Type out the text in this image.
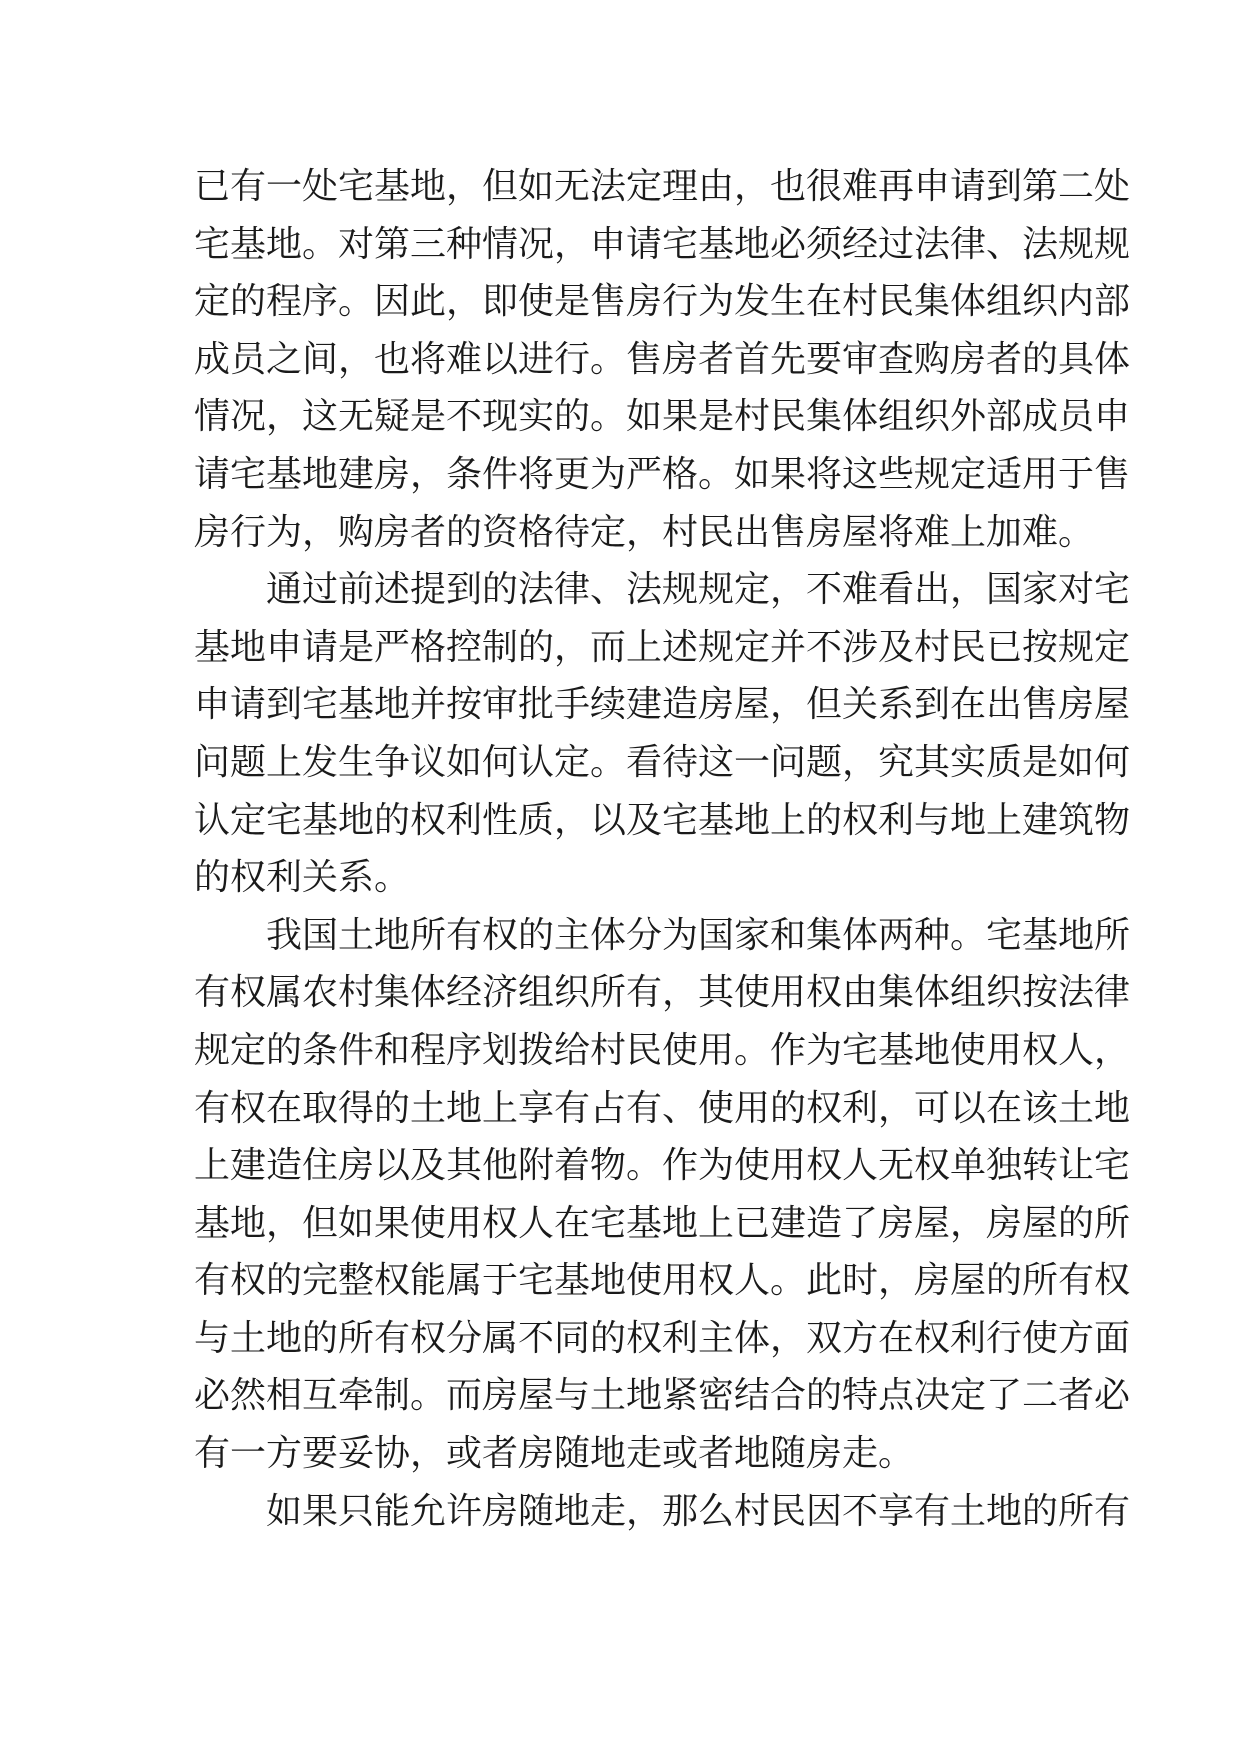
已有一处宅基地，但如无法定理由，也很难再申请到第二处
宅基地。对第三种情况，申请宅基地必须经过法律、法规规
定的程序。因此，即使是售房行为发生在村民集体组织内部
成员之间，也将难以进行。售房者首先要审查购房者的具体
情况，这无疑是不现实的。如果是村民集体组织外部成员申
请宅基地建房，条件将更为严格。如果将这些规定适用于售
房行为，购房者的资格待定，村民出售房屋将难上加难。
通过前述提到的法律、法规规定，不难看出，国家对宅
基地申请是严格控制的，而上述规定并不涉及村民已按规定
申请到宅基地并按审批手续建造房屋，但关系到在出售房屋
问题上发生争议如何认定。看待这一问题，究其实质是如何
认定宅基地的权利性质，以及宅基地上的权利与地上建筑物
的权利关系。
我国土地所有权的主体分为国家和集体两种。宅基地所
有权属农村集体经济组织所有，其使用权由集体组织按法律
规定的条件和程序划拨给村民使用。作为宅基地使用权人，
有权在取得的土地上享有占有、使用的权利，可以在该土地
上建造住房以及其他附着物。作为使用权人无权单独转让宅
基地，但如果使用权人在宅基地上已建造了房屋，房屋的所
有权的完整权能属于宅基地使用权人。此时，房屋的所有权
与土地的所有权分属不同的权利主体，双方在权利行使方面
必然相互牵制。而房屋与土地紧密结合的特点决定了二者必
有一方要妥协，或者房随地走或者地随房走。
如果只能允许房随地走，那么村民因不享有土地的所有
